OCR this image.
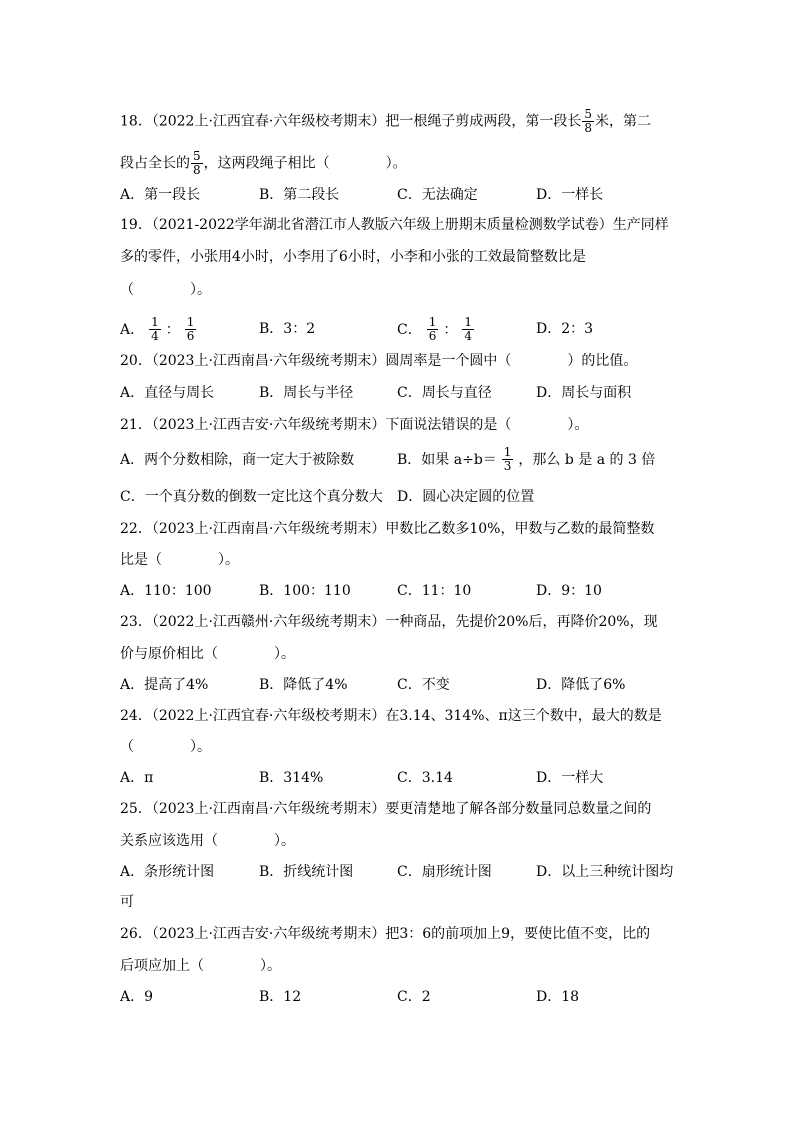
18．（2022上·江西宜春·六年级校考期末）把一根绳子剪成两段，第一段长 $\frac{5}{8}$ 米，第二
段占全长的 $\frac{5}{8}$ ，这两段绳子相比（　　　　）。
A．第一段长	B．第二段长	C．无法确定	D．一样长
19．（2021-2022学年湖北省潜江市人教版六年级上册期末质量检测数学试卷）生产同样
多的零件，小张用4小时，小李用了6小时，小李和小张的工效最简整数比是
（　　　　）。
A． $\frac{1}{4}$ ： $\frac{1}{6}$	B．3：2	C． $\frac{1}{6}$ ： $\frac{1}{4}$	D．2：3
20．（2023上·江西南昌·六年级统考期末）圆周率是一个圆中（　　　　）的比值。
A．直径与周长	B．周长与半径	C．周长与直径	D．周长与面积
21．（2023上·江西吉安·六年级统考期末）下面说法错误的是（　　　　）。
A．两个分数相除，商一定大于被除数	B．如果 $a\div b= \frac{1}{3}$ ，那么 b 是 a 的 3 倍
C．一个真分数的倒数一定比这个真分数大 D．圆心决定圆的位置
22．（2023上·江西南昌·六年级统考期末）甲数比乙数多10%，甲数与乙数的最简整数
比是（　　　　）。
A．110：100	B．100：110	C．11：10	D．9：10
23．（2022上·江西赣州·六年级统考期末）一种商品，先提价20%后，再降价20%，现
价与原价相比（　　　　）。
A．提高了4%	B．降低了4%	C．不变	D．降低了6%
24．（2022上·江西宜春·六年级校考期末）在3.14、314%、π这三个数中，最大的数是
（　　　　）。
A．π	B．314%	C．3.14	D．一样大
25．（2023上·江西南昌·六年级统考期末）要更清楚地了解各部分数量同总数量之间的
关系应该选用（　　　　）。
A．条形统计图	B．折线统计图	C．扇形统计图	D．以上三种统计图均
可
26．（2023上·江西吉安·六年级统考期末）把3：6的前项加上9，要使比值不变，比的
后项应加上（　　　　）。
A．9	B．12	C．2	D．18
